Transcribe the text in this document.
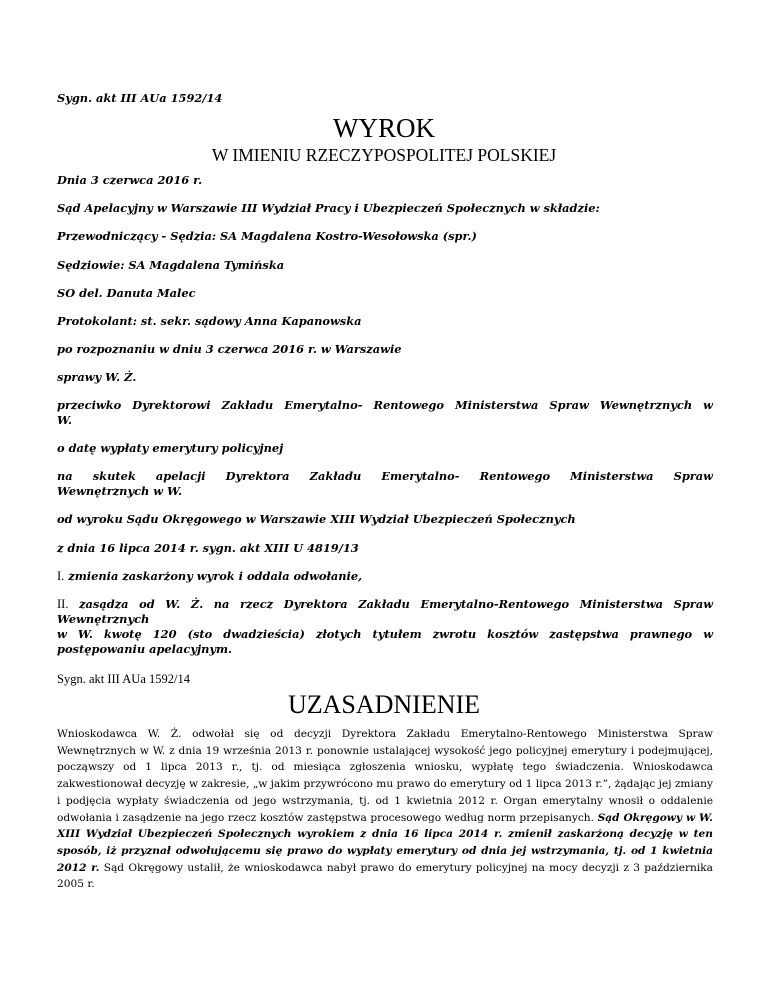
Sygn. akt III AUa 1592/14

WYROK
W IMIENIU RZECZYPOSPOLITEJ POLSKIEJ

Dnia 3 czerwca 2016 r.

Sąd Apelacyjny w Warszawie III Wydział Pracy i Ubezpieczeń Społecznych w składzie:

Przewodniczący - Sędzia: SA Magdalena Kostro-Wesołowska (spr.)

Sędziowie: SA Magdalena Tymińska

SO del. Danuta Malec

Protokolant: st. sekr. sądowy Anna Kapanowska

po rozpoznaniu w dniu 3 czerwca 2016 r. w Warszawie

sprawy W. Ż.

przeciwko Dyrektorowi Zakładu Emerytalno- Rentowego Ministerstwa Spraw Wewnętrznych w

W.

o datę wypłaty emerytury policyjnej

na skutek apelacji Dyrektora Zakładu Emerytalno- Rentowego Ministerstwa Spraw

Wewnętrznych w W.

od wyroku Sądu Okręgowego w Warszawie XIII Wydział Ubezpieczeń Społecznych

z dnia 16 lipca 2014 r. sygn. akt XIII U 4819/13

I. zmienia zaskarżony wyrok i oddala odwołanie,

II. zasądza od W. Ż. na rzecz Dyrektora Zakładu Emerytalno-Rentowego Ministerstwa Spraw

Wewnętrznych

w W. kwotę 120 (sto dwadzieścia) złotych tytułem zwrotu kosztów zastępstwa prawnego w

postępowaniu apelacyjnym.

Sygn. akt III AUa 1592/14

UZASADNIENIE

Wnioskodawca W. Ż. odwołał się od decyzji Dyrektora Zakładu Emerytalno-Rentowego Ministerstwa Spraw Wewnętrznych w W. z dnia 19 września 2013 r. ponownie ustalającej wysokość jego policyjnej emerytury i podejmującej, począwszy od 1 lipca 2013 r., tj. od miesiąca zgłoszenia wniosku, wypłatę tego świadczenia. Wnioskodawca zakwestionował decyzję w zakresie, „w jakim przywrócono mu prawo do emerytury od 1 lipca 2013 r.”, żądając jej zmiany i podjęcia wypłaty świadczenia od jego wstrzymania, tj. od 1 kwietnia 2012 r. Organ emerytalny wnosił o oddalenie odwołania i zasądzenie na jego rzecz kosztów zastępstwa procesowego według norm przepisanych. Sąd Okręgowy w W. XIII Wydział Ubezpieczeń Społecznych wyrokiem z dnia 16 lipca 2014 r. zmienił zaskarżoną decyzję w ten sposób, iż przyznał odwołującemu się prawo do wypłaty emerytury od dnia jej wstrzymania, tj. od 1 kwietnia 2012 r. Sąd Okręgowy ustalił, że wnioskodawca nabył prawo do emerytury policyjnej na mocy decyzji z 3 października 2005 r.
